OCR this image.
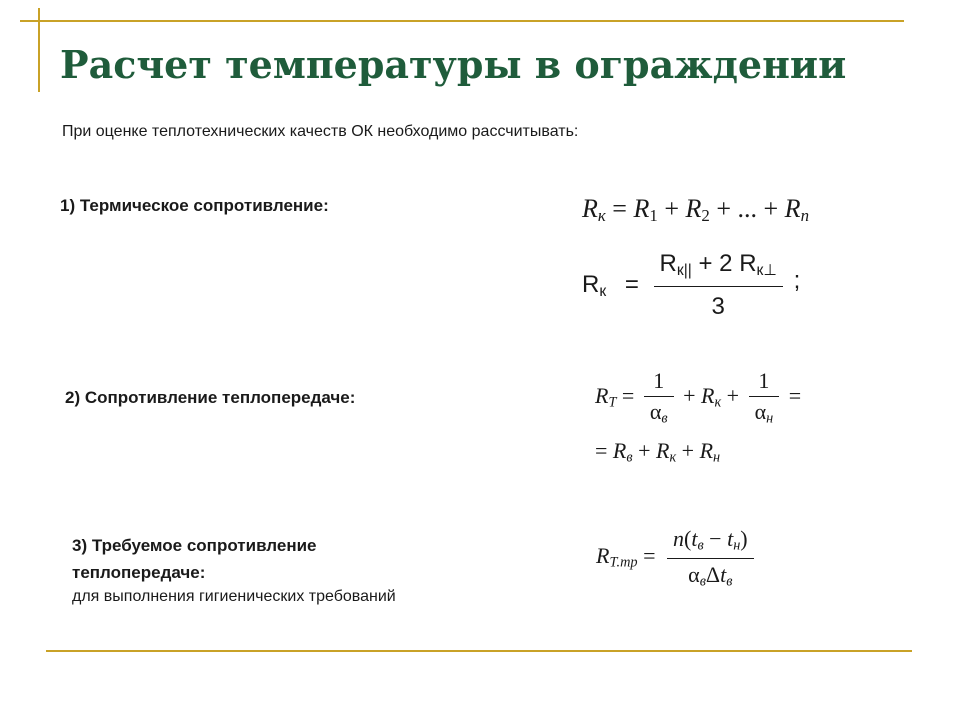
Расчет температуры в ограждении
При оценке теплотехнических качеств ОК необходимо рассчитывать:
1) Термическое сопротивление:
2) Сопротивление теплопередаче:
3) Требуемое сопротивление
теплопередаче:
для выполнения гигиенических требований
$R_к = R_1 + R_2$ + ... + $R_n$
$R_к = \frac{R_{к||} + 2 R_{к\perp}}{3}$ ;
$R_T = \frac{1}{\alpha_в} + R_к + \frac{1}{\alpha_н}$ =
= $R_в + R_к + R_н$
$R_{Т.тр} = \frac{n(t_в - t_н)}{\alpha_в\Delta t_в}$
